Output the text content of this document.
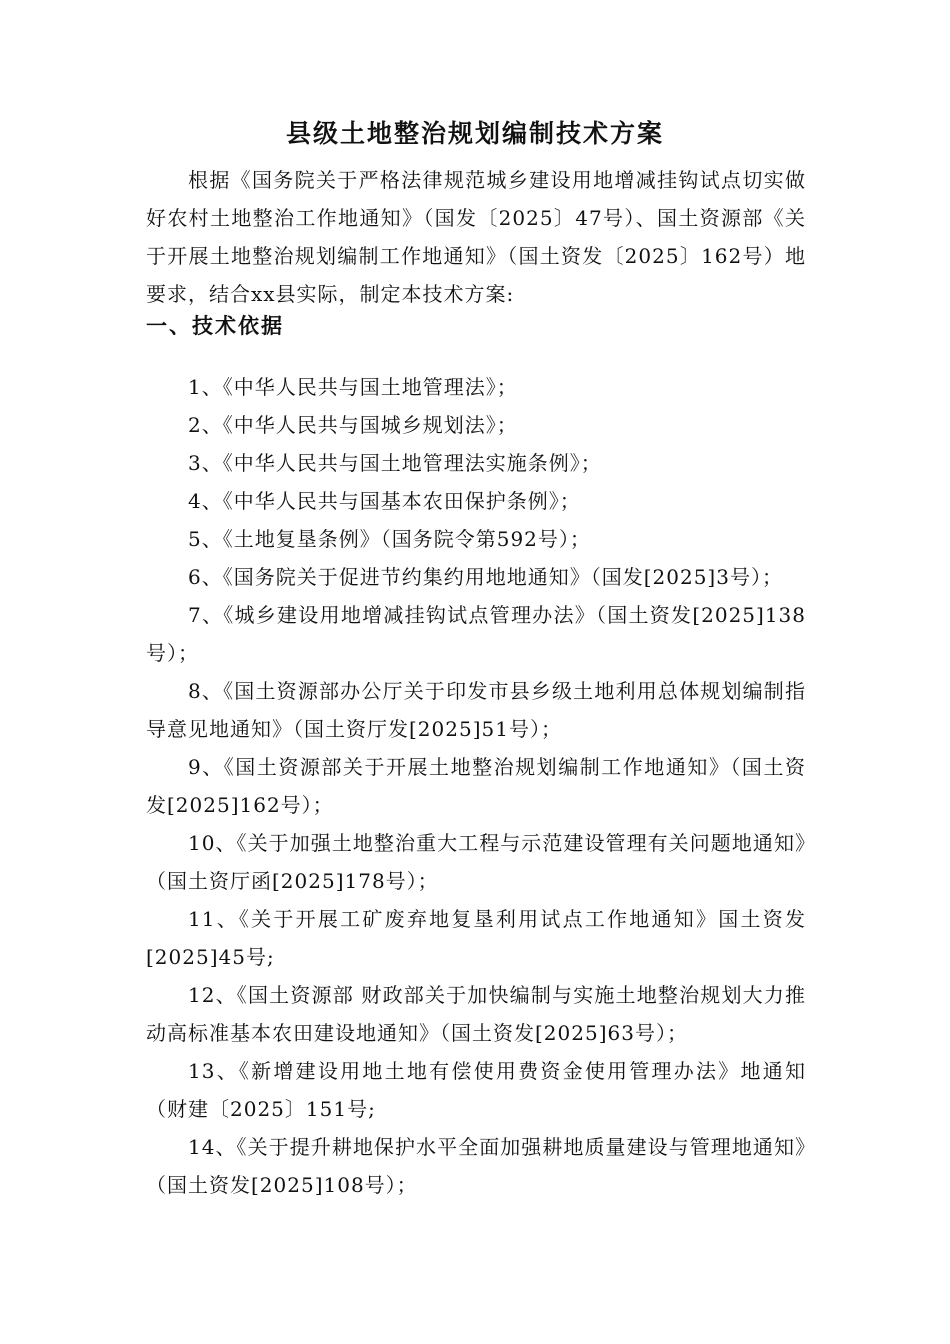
县级土地整治规划编制技术方案

根据《国务院关于严格法律规范城乡建设用地增减挂钩试点切实做好农村土地整治工作地通知》（国发〔2025〕47号）、国土资源部《关于开展土地整治规划编制工作地通知》（国土资发〔2025〕162号）地要求，结合xx县实际，制定本技术方案:

一、技术依据

1、《中华人民共与国土地管理法》；

2、《中华人民共与国城乡规划法》；

3、《中华人民共与国土地管理法实施条例》；

4、《中华人民共与国基本农田保护条例》；

5、《土地复垦条例》（国务院令第592号）；

6、《国务院关于促进节约集约用地地通知》（国发[2025]3号）；

7、《城乡建设用地增减挂钩试点管理办法》（国土资发[2025]138号）；

8、《国土资源部办公厅关于印发市县乡级土地利用总体规划编制指导意见地通知》（国土资厅发[2025]51号）；

9、《国土资源部关于开展土地整治规划编制工作地通知》（国土资发[2025]162号）；

10、《关于加强土地整治重大工程与示范建设管理有关问题地通知》（国土资厅函[2025]178号）；

11、《关于开展工矿废弃地复垦利用试点工作地通知》国土资发[2025]45号;

12、《国土资源部 财政部关于加快编制与实施土地整治规划大力推动高标准基本农田建设地通知》（国土资发[2025]63号）；

13、《新增建设用地土地有偿使用费资金使用管理办法》地通知 （财建〔2025〕151号;

14、《关于提升耕地保护水平全面加强耕地质量建设与管理地通知》（国土资发[2025]108号）；
